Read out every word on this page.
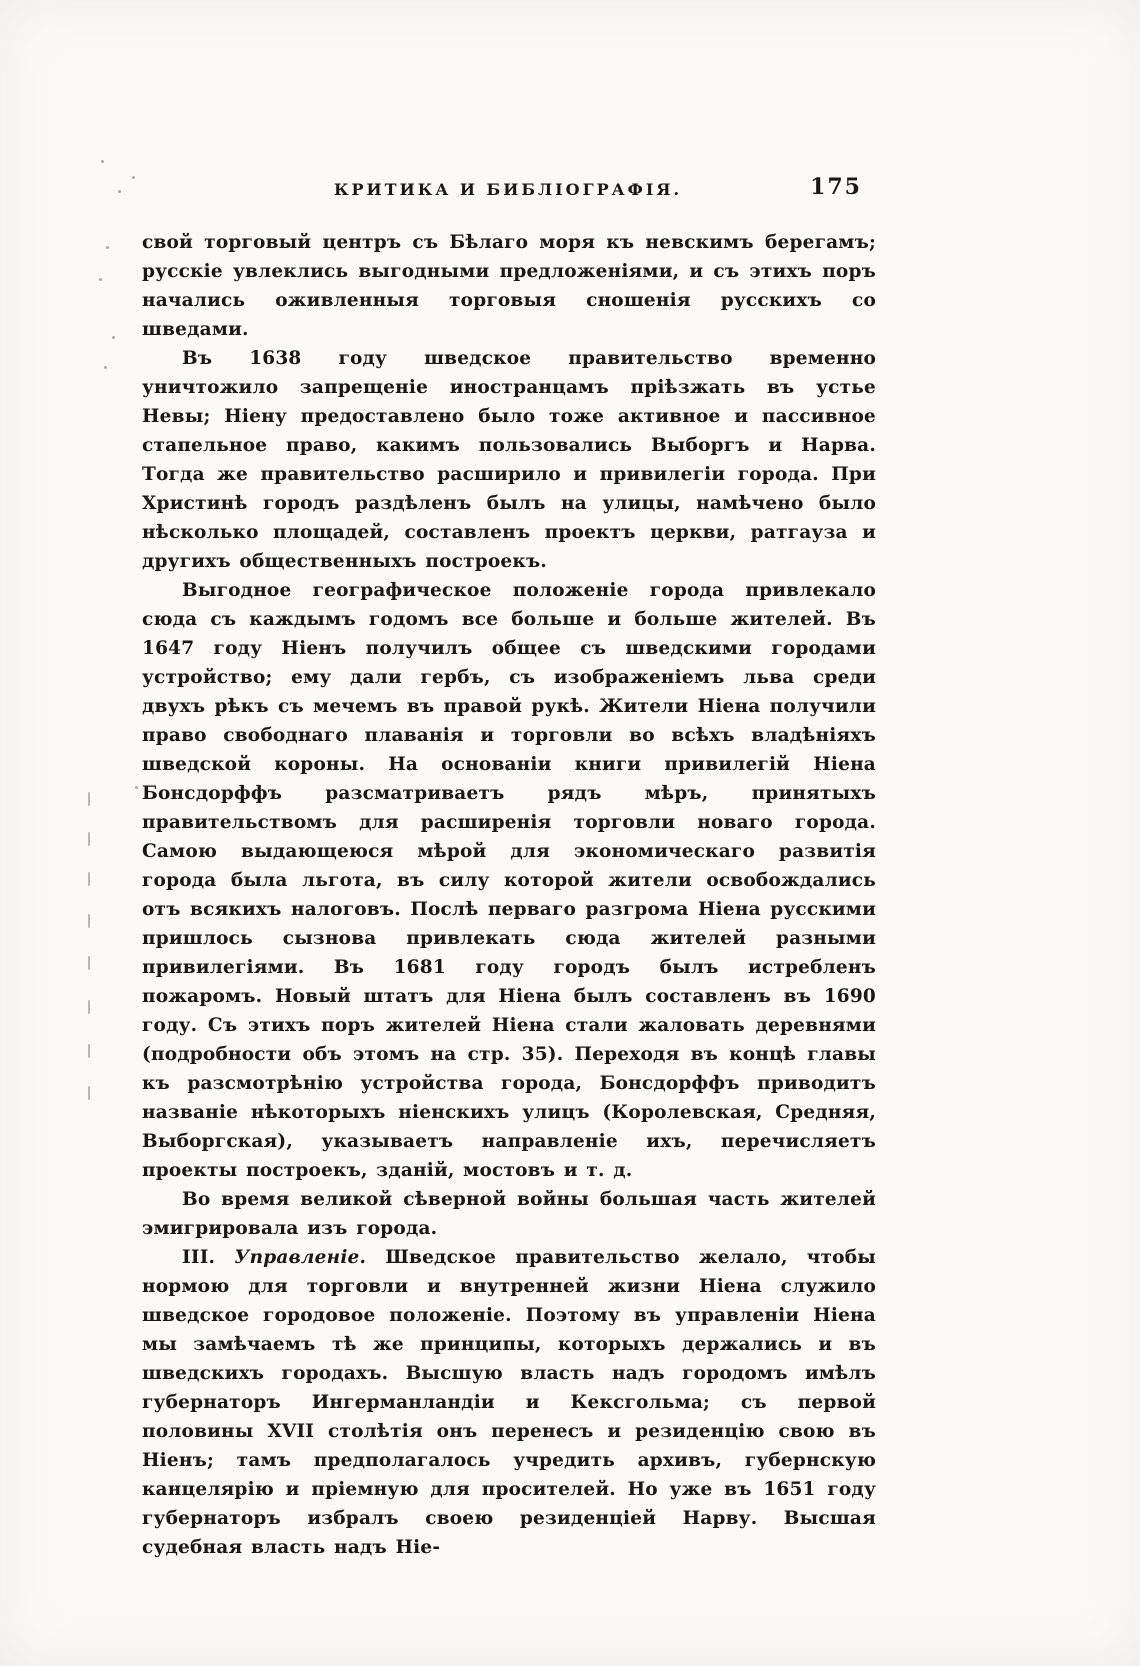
КРИТИКА И БИБЛІОГРАФІЯ.	175

свой торговый центръ съ Бѣлаго моря къ невскимъ берегамъ; русскіе увлеклись выгодными предложеніями, и съ этихъ поръ начались оживленныя торговыя сношенія русскихъ со шведами.

Въ 1638 году шведское правительство временно уничтожило запрещеніе иностранцамъ пріѣзжать въ устье Невы; Ніену предоставлено было тоже активное и пассивное стапельное право, какимъ пользовались Выборгъ и Нарва. Тогда же правительство расширило и привилегіи города. При Христинѣ городъ раздѣленъ былъ на улицы, намѣчено было нѣсколько площадей, составленъ проектъ церкви, ратгауза и другихъ общественныхъ построекъ.

Выгодное географическое положеніе города привлекало сюда съ каждымъ годомъ все больше и больше жителей. Въ 1647 году Ніенъ получилъ общее съ шведскими городами устройство; ему дали гербъ, съ изображеніемъ льва среди двухъ рѣкъ съ мечемъ въ правой рукѣ. Жители Ніена получили право свободнаго плаванія и торговли во всѣхъ владѣніяхъ шведской короны. На основаніи книги привилегій Ніена Бонсдорффъ разсматриваетъ рядъ мѣръ, принятыхъ правительствомъ для расширенія торговли новаго города. Самою выдающеюся мѣрой для экономическаго развитія города была льгота, въ силу которой жители освобождались отъ всякихъ налоговъ. Послѣ перваго разгрома Ніена русскими пришлось сызнова привлекать сюда жителей разными привилегіями. Въ 1681 году городъ былъ истребленъ пожаромъ. Новый штатъ для Ніена былъ составленъ въ 1690 году. Съ этихъ поръ жителей Ніена стали жаловать деревнями (подробности объ этомъ на стр. 35). Переходя въ концѣ главы къ разсмотрѣнію устройства города, Бонсдорффъ приводитъ названіе нѣкоторыхъ ніенскихъ улицъ (Королевская, Средняя, Выборгская), указываетъ направленіе ихъ, перечисляетъ проекты построекъ, зданій, мостовъ и т. д.

Во время великой сѣверной войны большая часть жителей эмигрировала изъ города.

III. Управленіе. Шведское правительство желало, чтобы нормою для торговли и внутренней жизни Ніена служило шведское городовое положеніе. Поэтому въ управленіи Ніена мы замѣчаемъ тѣ же принципы, которыхъ держались и въ шведскихъ городахъ. Высшую власть надъ городомъ имѣлъ губернаторъ Ингерманландіи и Кексгольма; съ первой половины XVII столѣтія онъ перенесъ и резиденцію свою въ Ніенъ; тамъ предполагалось учредить архивъ, губернскую канцелярію и пріемную для просителей. Но уже въ 1651 году губернаторъ избралъ своею резиденціей Нарву. Высшая судебная власть надъ Ніе-
